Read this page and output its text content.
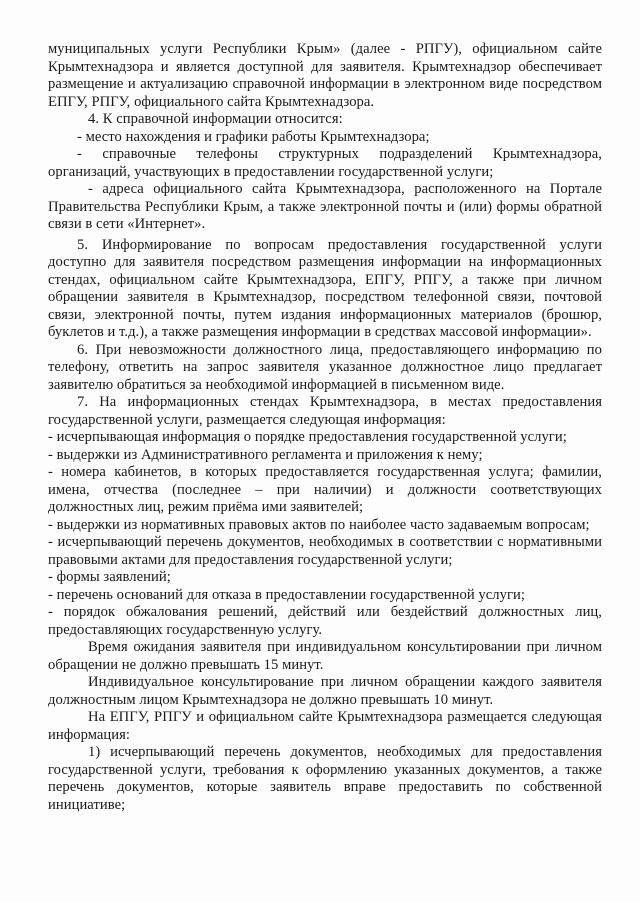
муниципальных услуги Республики Крым» (далее - РПГУ), официальном сайте Крымтехнадзора и является доступной для заявителя. Крымтехнадзор обеспечивает размещение и актуализацию справочной информации в электронном виде посредством ЕПГУ, РПГУ, официального сайта Крымтехнадзора.

4. К справочной информации относится:

- место нахождения и графики работы Крымтехнадзора;

- справочные телефоны структурных подразделений Крымтехнадзора, организаций, участвующих в предоставлении государственной услуги;

- адреса официального сайта Крымтехнадзора, расположенного на Портале Правительства Республики Крым, а также электронной почты и (или) формы обратной связи в сети «Интернет».

5. Информирование по вопросам предоставления государственной услуги доступно для заявителя посредством размещения информации на информационных стендах, официальном сайте Крымтехнадзора, ЕПГУ, РПГУ, а также при личном обращении заявителя в Крымтехнадзор, посредством телефонной связи, почтовой связи, электронной почты, путем издания информационных материалов (брошюр, буклетов и т.д.), а также размещения информации в средствах массовой информации».

6. При невозможности должностного лица, предоставляющего информацию по телефону, ответить на запрос заявителя указанное должностное лицо предлагает заявителю обратиться за необходимой информацией в письменном виде.

7. На информационных стендах Крымтехнадзора, в местах предоставления государственной услуги, размещается следующая информация:

- исчерпывающая информация о порядке предоставления государственной услуги;

- выдержки из Административного регламента и приложения к нему;

- номера кабинетов, в которых предоставляется государственная услуга; фамилии, имена, отчества (последнее – при наличии) и должности соответствующих должностных лиц, режим приёма ими заявителей;

- выдержки из нормативных правовых актов по наиболее часто задаваемым вопросам;

- исчерпывающий перечень документов, необходимых в соответствии с нормативными правовыми актами для предоставления государственной услуги;

- формы заявлений;

- перечень оснований для отказа в предоставлении государственной услуги;

- порядок обжалования решений, действий или бездействий должностных лиц, предоставляющих государственную услугу.

Время ожидания заявителя при индивидуальном консультировании при личном обращении не должно превышать 15 минут.

Индивидуальное консультирование при личном обращении каждого заявителя должностным лицом Крымтехнадзора не должно превышать 10 минут.

На ЕПГУ, РПГУ и официальном сайте Крымтехнадзора размещается следующая информация:

1) исчерпывающий перечень документов, необходимых для предоставления государственной услуги, требования к оформлению указанных документов, а также перечень документов, которые заявитель вправе предоставить по собственной инициативе;
